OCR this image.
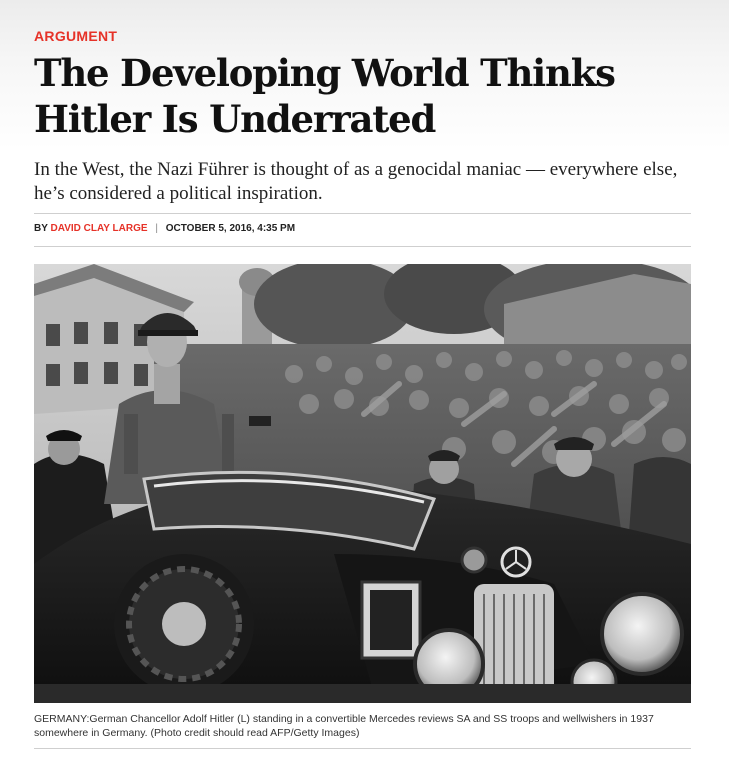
ARGUMENT
The Developing World Thinks Hitler Is Underrated
In the West, the Nazi Führer is thought of as a genocidal maniac — everywhere else, he’s considered a political inspiration.
BY DAVID CLAY LARGE | OCTOBER 5, 2016, 4:35 PM
GERMANY:German Chancellor Adolf Hitler (L) standing in a convertible Mercedes reviews SA and SS troops and wellwishers in 1937 somewhere in Germany. (Photo credit should read AFP/Getty Images)
